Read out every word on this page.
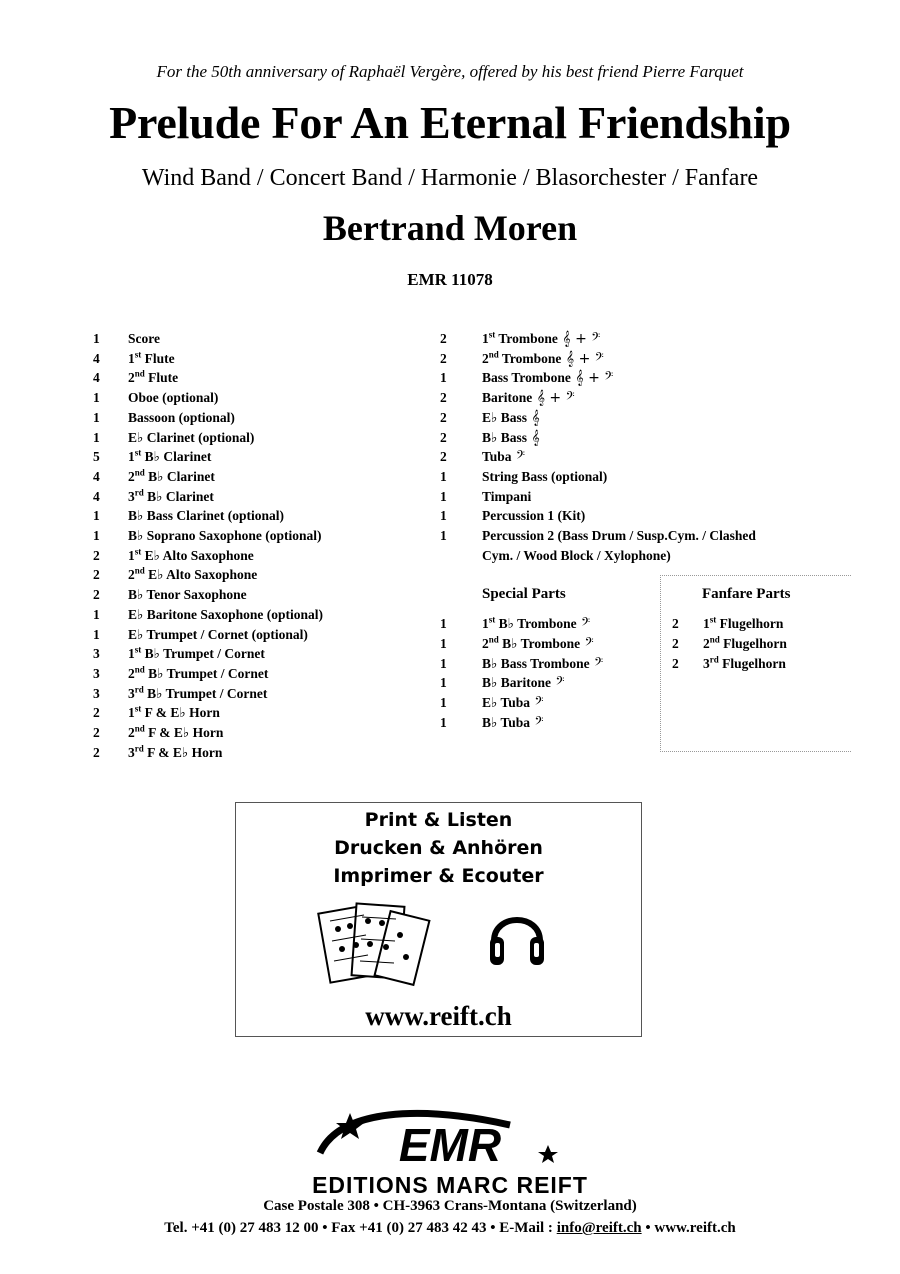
For the 50th anniversary of Raphaël Vergère, offered by his best friend Pierre Farquet
Prelude For An Eternal Friendship
Wind Band / Concert Band / Harmonie / Blasorchester / Fanfare
Bertrand Moren
EMR 11078
1 Score
4 1st Flute
4 2nd Flute
1 Oboe (optional)
1 Bassoon (optional)
1 E♭ Clarinet (optional)
5 1st B♭ Clarinet
4 2nd B♭ Clarinet
4 3rd B♭ Clarinet
1 B♭ Bass Clarinet (optional)
1 B♭ Soprano Saxophone (optional)
2 1st E♭ Alto Saxophone
2 2nd E♭ Alto Saxophone
2 B♭ Tenor Saxophone
1 E♭ Baritone Saxophone (optional)
1 E♭ Trumpet / Cornet (optional)
3 1st B♭ Trumpet / Cornet
3 2nd B♭ Trumpet / Cornet
3 3rd B♭ Trumpet / Cornet
2 1st F & E♭ Horn
2 2nd F & E♭ Horn
2 3rd F & E♭ Horn
2	1st Trombone 𝄞 + 𝄢
2	2nd Trombone 𝄞 + 𝄢
1	Bass Trombone 𝄞 + 𝄢
2	Baritone 𝄞 + 𝄢
2	E♭ Bass 𝄞
2	B♭ Bass 𝄞
2	Tuba 𝄢
1	String Bass (optional)
1	Timpani
1	Percussion 1 (Kit)
1	Percussion 2 (Bass Drum / Susp.Cym. / Clashed
Cym. / Wood Block / Xylophone)
Special Parts
1	1st B♭ Trombone 𝄢
1	2nd B♭ Trombone 𝄢
1	B♭ Bass Trombone 𝄢
1	B♭ Baritone 𝄢
1	E♭ Tuba 𝄢
1	B♭ Tuba 𝄢
Fanfare Parts
2 1st Flugelhorn
2 2nd Flugelhorn
2 3rd Flugelhorn
Print & Listen
Drucken & Anhören
Imprimer & Ecouter
www.reift.ch
EMR
EDITIONS MARC REIFT
Case Postale 308 • CH-3963 Crans-Montana (Switzerland)
Tel. +41 (0) 27 483 12 00 • Fax +41 (0) 27 483 42 43 • E-Mail : info@reift.ch • www.reift.ch
